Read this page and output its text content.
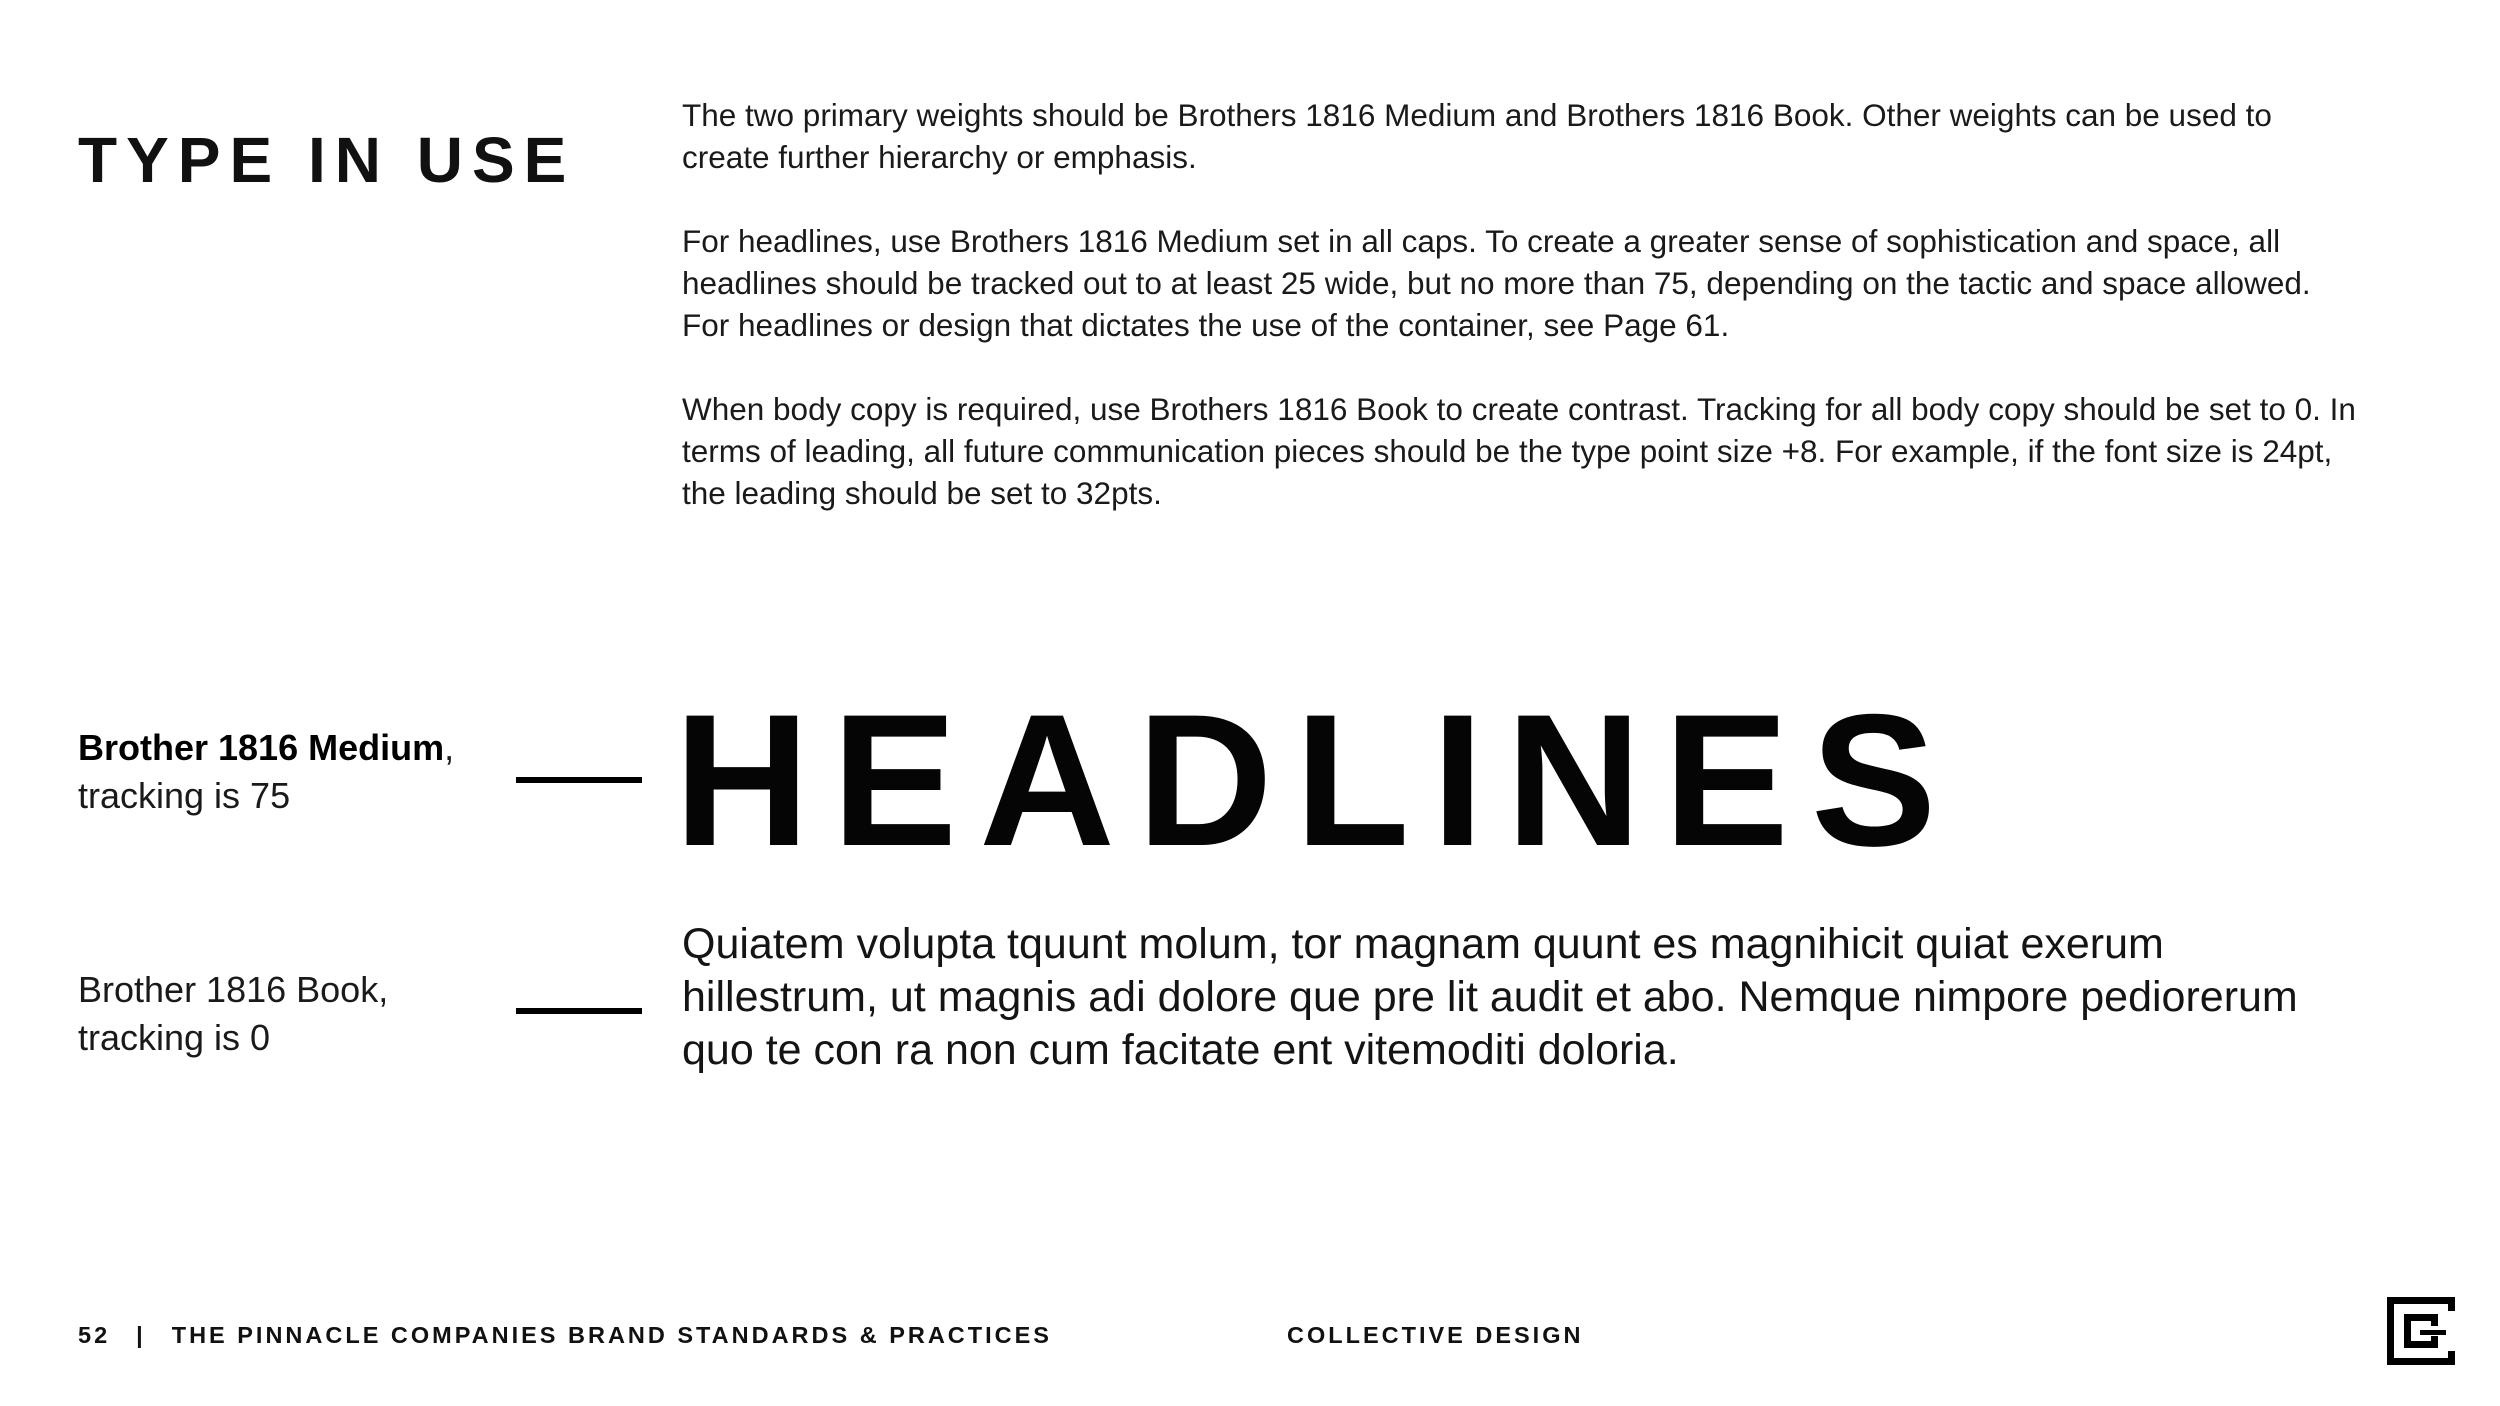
TYPE IN USE

The two primary weights should be Brothers 1816 Medium and Brothers 1816 Book. Other weights can be used to create further hierarchy or emphasis.

For headlines, use Brothers 1816 Medium set in all caps. To create a greater sense of sophistication and space, all headlines should be tracked out to at least 25 wide, but no more than 75, depending on the tactic and space allowed. For headlines or design that dictates the use of the container, see Page 61.

When body copy is required, use Brothers 1816 Book to create contrast. Tracking for all body copy should be set to 0. In terms of leading, all future communication pieces should be the type point size +8. For example, if the font size is 24pt, the leading should be set to 32pts.

Brother 1816 Medium,
tracking is 75	HEADLINES
Brother 1816 Book,
tracking is 0
Quiatem volupta tquunt molum, tor magnam quunt es magnihicit quiat exerum hillestrum, ut magnis adi dolore que pre lit audit et abo. Nemque nimpore pediorerum quo te con ra non cum facitate ent vitemoditi doloria.
52 | THE PINNACLE COMPANIES BRAND STANDARDS & PRACTICES	COLLECTIVE DESIGN
